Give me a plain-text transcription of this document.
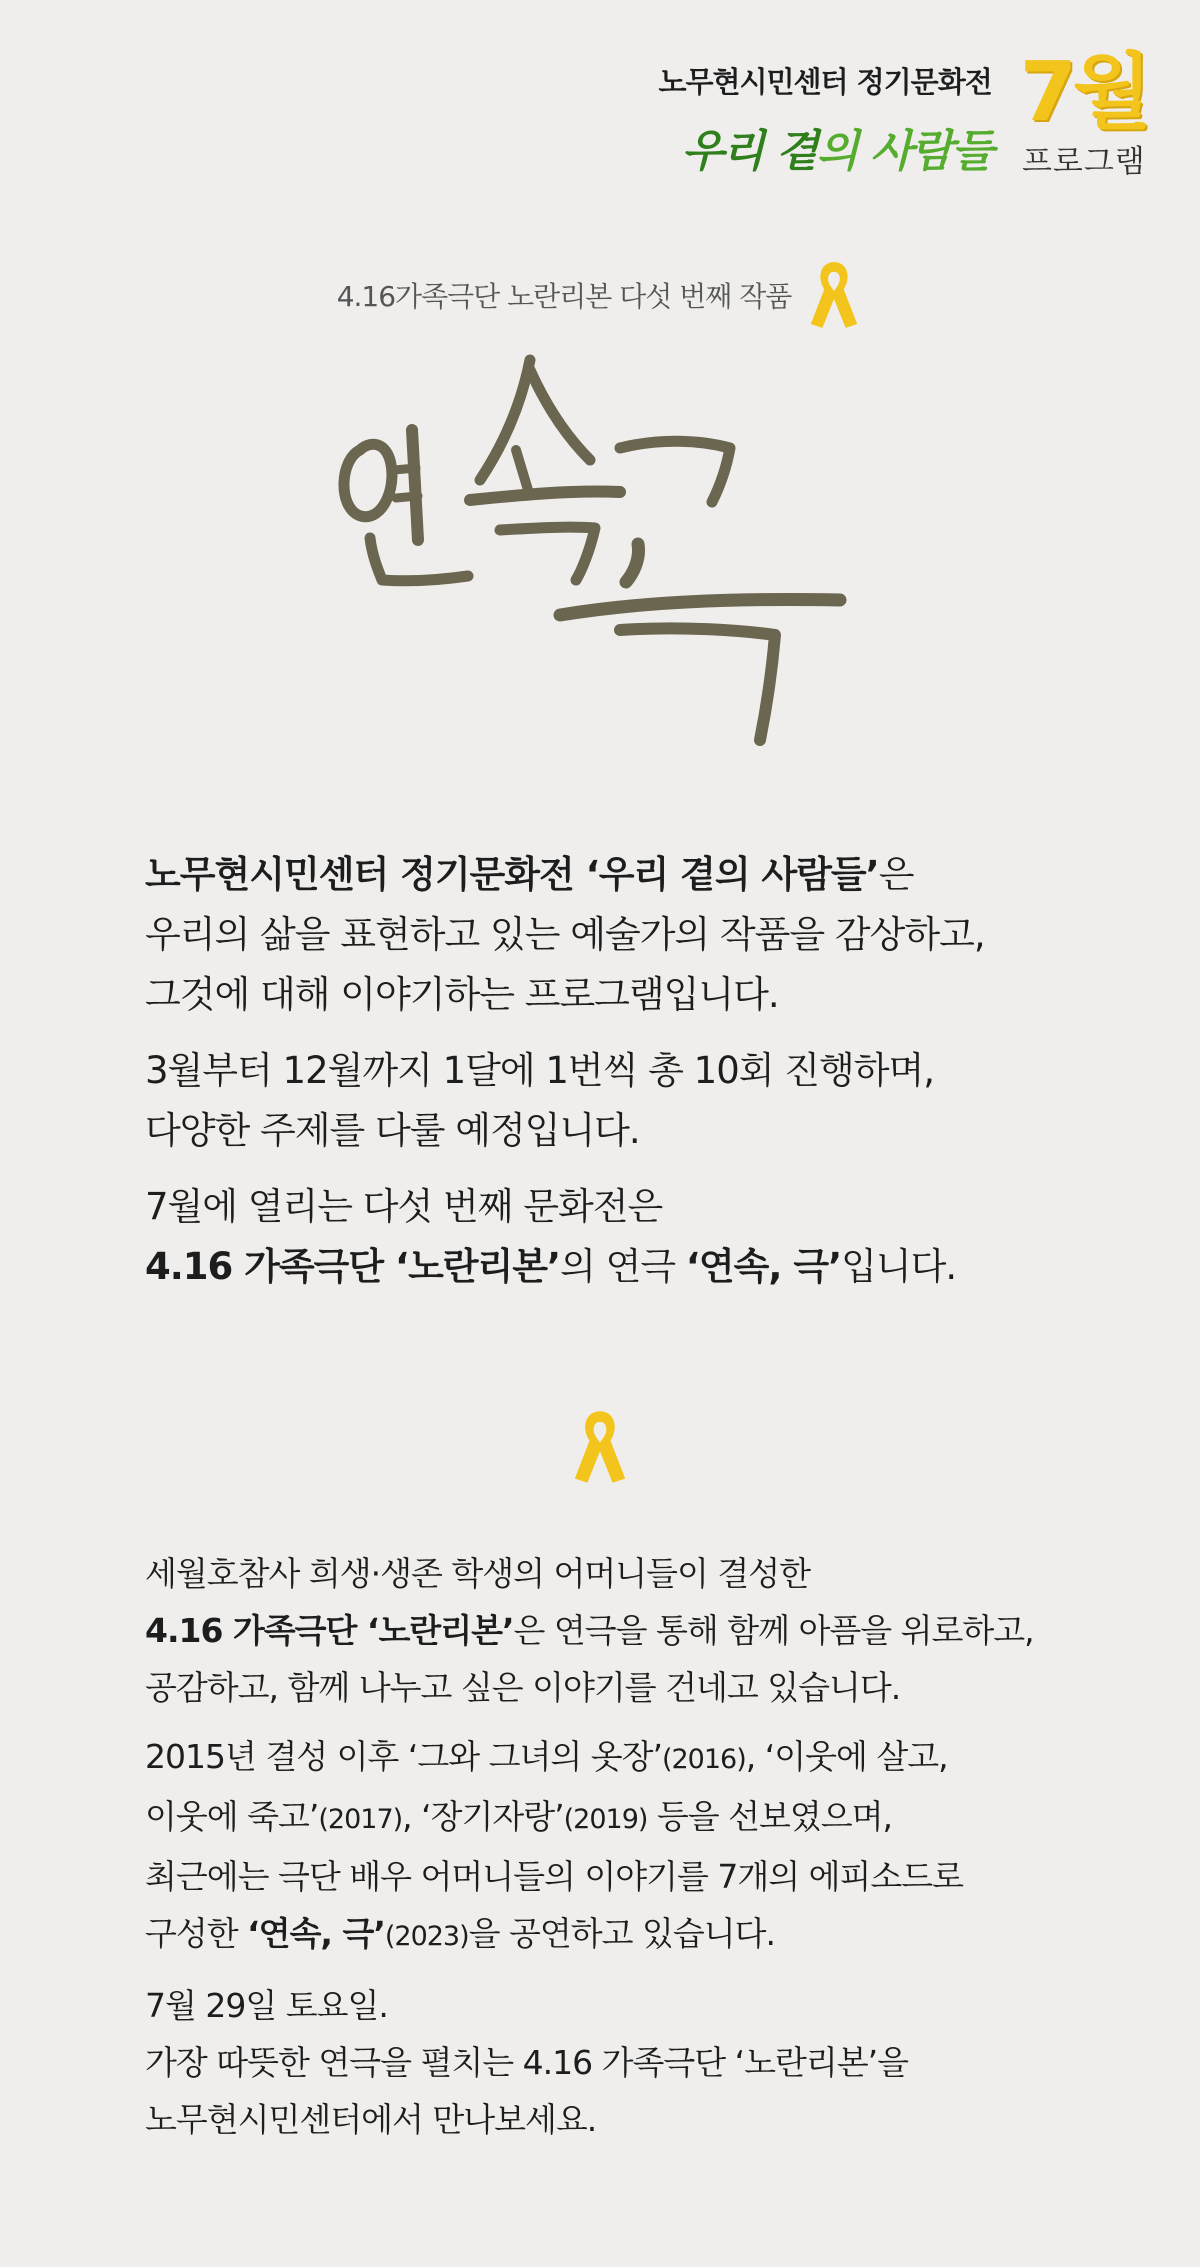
노무현시민센터 정기문화전
우리 곁의 사람들
7월
프로그램
4.16가족극단 노란리본 다섯 번째 작품

노무현시민센터 정기문화전 ‘우리 곁의 사람들’은
우리의 삶을 표현하고 있는 예술가의 작품을 감상하고,
그것에 대해 이야기하는 프로그램입니다.

3월부터 12월까지 1달에 1번씩 총 10회 진행하며,
다양한 주제를 다룰 예정입니다.

7월에 열리는 다섯 번째 문화전은
4.16 가족극단 ‘노란리본’의 연극 ‘연속, 극’입니다.

세월호참사 희생·생존 학생의 어머니들이 결성한
4.16 가족극단 ‘노란리본’은 연극을 통해 함께 아픔을 위로하고,
공감하고, 함께 나누고 싶은 이야기를 건네고 있습니다.

2015년 결성 이후 ‘그와 그녀의 옷장’(2016), ‘이웃에 살고,
이웃에 죽고’(2017), ‘장기자랑’(2019) 등을 선보였으며,
최근에는 극단 배우 어머니들의 이야기를 7개의 에피소드로
구성한 ‘연속, 극’(2023)을 공연하고 있습니다.

7월 29일 토요일.
가장 따뜻한 연극을 펼치는 4.16 가족극단 ‘노란리본’을
노무현시민센터에서 만나보세요.
